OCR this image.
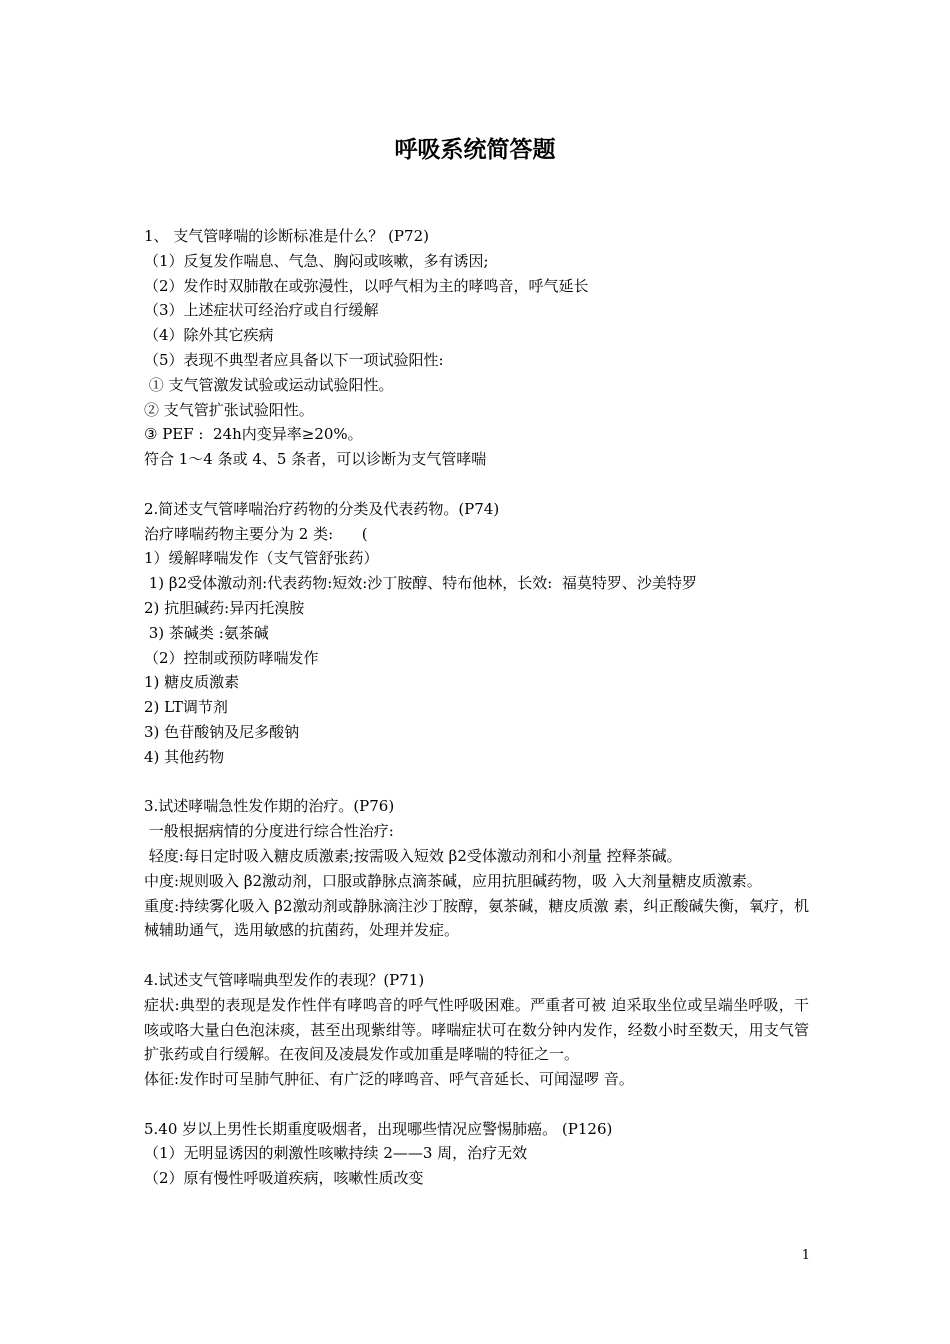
呼吸系统简答题
1、 支气管哮喘的诊断标准是什么？ (P72)
（1）反复发作喘息、气急、胸闷或咳嗽，多有诱因;
（2）发作时双肺散在或弥漫性，以呼气相为主的哮鸣音，呼气延长
（3）上述症状可经治疗或自行缓解
（4）除外其它疾病
（5）表现不典型者应具备以下一项试验阳性:
① 支气管激发试验或运动试验阳性。
② 支气管扩张试验阳性。
③ PEF :  24h内变异率≥20%。
符合 1～4 条或 4、5 条者，可以诊断为支气管哮喘
2.简述支气管哮喘治疗药物的分类及代表药物。(P74)
治疗哮喘药物主要分为 2 类:      (
1）缓解哮喘发作（支气管舒张药）
1) β2受体激动剂:代表药物:短效:沙丁胺醇、特布他林，长效:  福莫特罗、沙美特罗
2) 抗胆碱药:异丙托溴胺
3) 茶碱类 :氨茶碱
（2）控制或预防哮喘发作
1) 糖皮质激素
2) LT调节剂
3) 色苷酸钠及尼多酸钠
4) 其他药物
3.试述哮喘急性发作期的治疗。(P76)
一般根据病情的分度进行综合性治疗:
轻度:每日定时吸入糖皮质激素;按需吸入短效 β2受体激动剂和小剂量 控释茶碱。
中度:规则吸入 β2激动剂，口服或静脉点滴茶碱，应用抗胆碱药物，吸 入大剂量糖皮质激素。
重度:持续雾化吸入 β2激动剂或静脉滴注沙丁胺醇，氨茶碱，糖皮质激 素，纠正酸碱失衡，氧疗，机械辅助通气，选用敏感的抗菌药，处理并发症。
4.试述支气管哮喘典型发作的表现？(P71)
症状:典型的表现是发作性伴有哮鸣音的呼气性呼吸困难。严重者可被 迫采取坐位或呈端坐呼吸，干咳或咯大量白色泡沫痰，甚至出现紫绀等。哮喘症状可在数分钟内发作，经数小时至数天，用支气管扩张药或自行缓解。在夜间及凌晨发作或加重是哮喘的特征之一。
体征:发作时可呈肺气肿征、有广泛的哮鸣音、呼气音延长、可闻湿啰 音。
5.40 岁以上男性长期重度吸烟者，出现哪些情况应警惕肺癌。 (P126)
（1）无明显诱因的刺激性咳嗽持续 2——3 周，治疗无效
（2）原有慢性呼吸道疾病，咳嗽性质改变
1
